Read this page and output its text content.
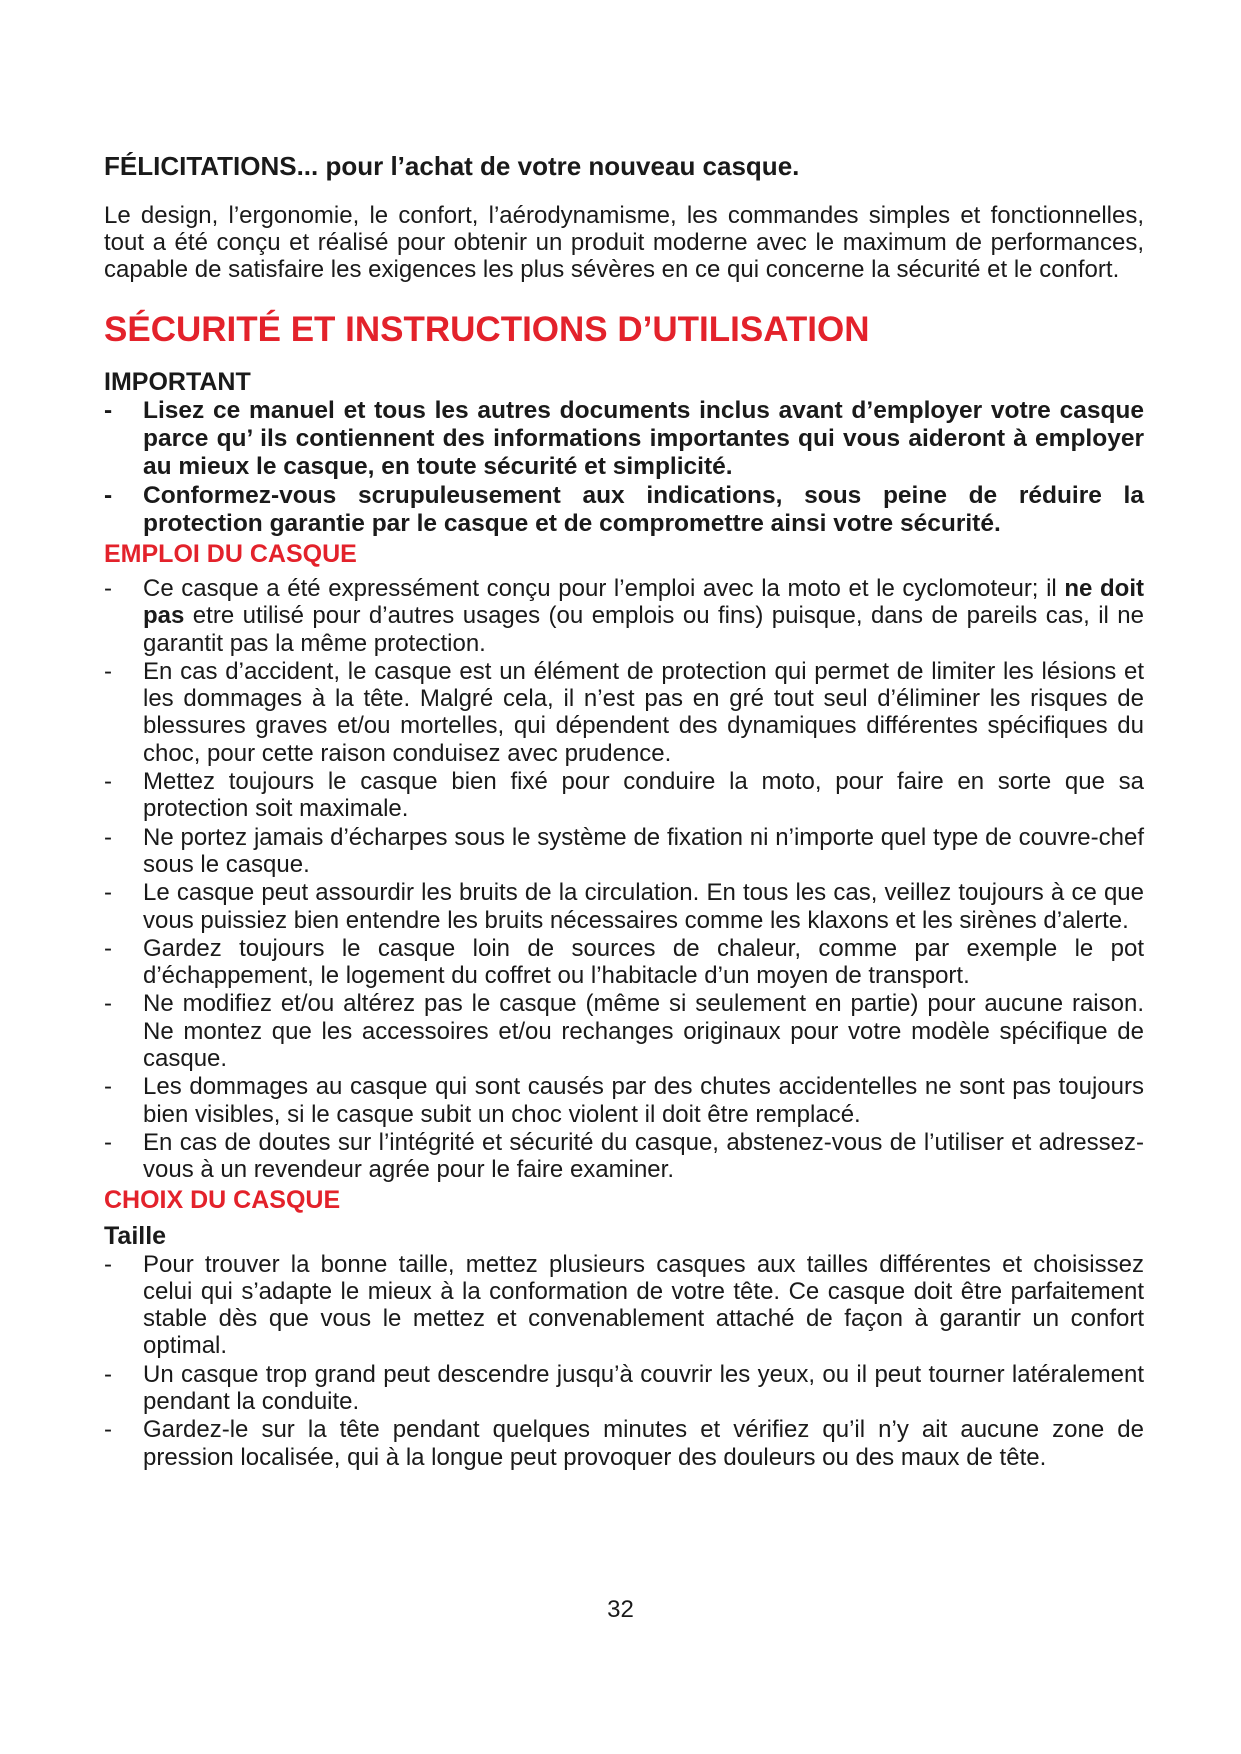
FÉLICITATIONS... pour l’achat de votre nouveau casque.

Le design, l’ergonomie, le confort, l’aérodynamisme, les commandes simples et fonctionnelles, tout a été conçu et réalisé pour obtenir un produit moderne avec le maximum de performances, capable de satisfaire les exigences les plus sévères en ce qui concerne la sécurité et le confort.

SÉCURITÉ ET INSTRUCTIONS D’UTILISATION

IMPORTANT

- Lisez ce manuel et tous les autres documents inclus avant d’employer votre casque parce qu’ ils contiennent des informations importantes qui vous aideront à employer au mieux le casque, en toute sécurité et simplicité.
- Conformez-vous scrupuleusement aux indications, sous peine de réduire la protection garantie par le casque et de compromettre ainsi votre sécurité.
EMPLOI DU CASQUE
- Ce casque a été expressément conçu pour l’emploi avec la moto et le cyclomoteur; il ne doit pas etre utilisé pour d’autres usages (ou emplois ou fins) puisque, dans de pareils cas, il ne garantit pas la même protection.
- En cas d’accident, le casque est un élément de protection qui permet de limiter les lésions et les dommages à la tête. Malgré cela, il n’est pas en gré tout seul d’éliminer les risques de blessures graves et/ou mortelles, qui dépendent des dynamiques différentes spécifiques du choc, pour cette raison conduisez avec prudence.
- Mettez toujours le casque bien fixé pour conduire la moto, pour faire en sorte que sa protection soit maximale.
- Ne portez jamais d’écharpes sous le système de fixation ni n’importe quel type de couvre-chef sous le casque.
- Le casque peut assourdir les bruits de la circulation. En tous les cas, veillez toujours à ce que vous puissiez bien entendre les bruits nécessaires comme les klaxons et les sirènes d’alerte.
- Gardez toujours le casque loin de sources de chaleur, comme par exemple le pot d’échappement, le logement du coffret ou l’habitacle d’un moyen de transport.
- Ne modifiez et/ou altérez pas le casque (même si seulement en partie) pour aucune raison. Ne montez que les accessoires et/ou rechanges originaux pour votre modèle spécifique de casque.
- Les dommages au casque qui sont causés par des chutes accidentelles ne sont pas toujours bien visibles, si le casque subit un choc violent il doit être remplacé.
- En cas de doutes sur l’intégrité et sécurité du casque, abstenez-vous de l’utiliser et adressez-vous à un revendeur agrée pour le faire examiner.
CHOIX DU CASQUE

Taille

- Pour trouver la bonne taille, mettez plusieurs casques aux tailles différentes et choisissez celui qui s’adapte le mieux à la conformation de votre tête. Ce casque doit être parfaitement stable dès que vous le mettez et convenablement attaché de façon à garantir un confort optimal.
- Un casque trop grand peut descendre jusqu’à couvrir les yeux, ou il peut tourner latéralement pendant la conduite.
- Gardez-le sur la tête pendant quelques minutes et vérifiez qu’il n’y ait aucune zone de pression localisée, qui à la longue peut provoquer des douleurs ou des maux de tête.
32
